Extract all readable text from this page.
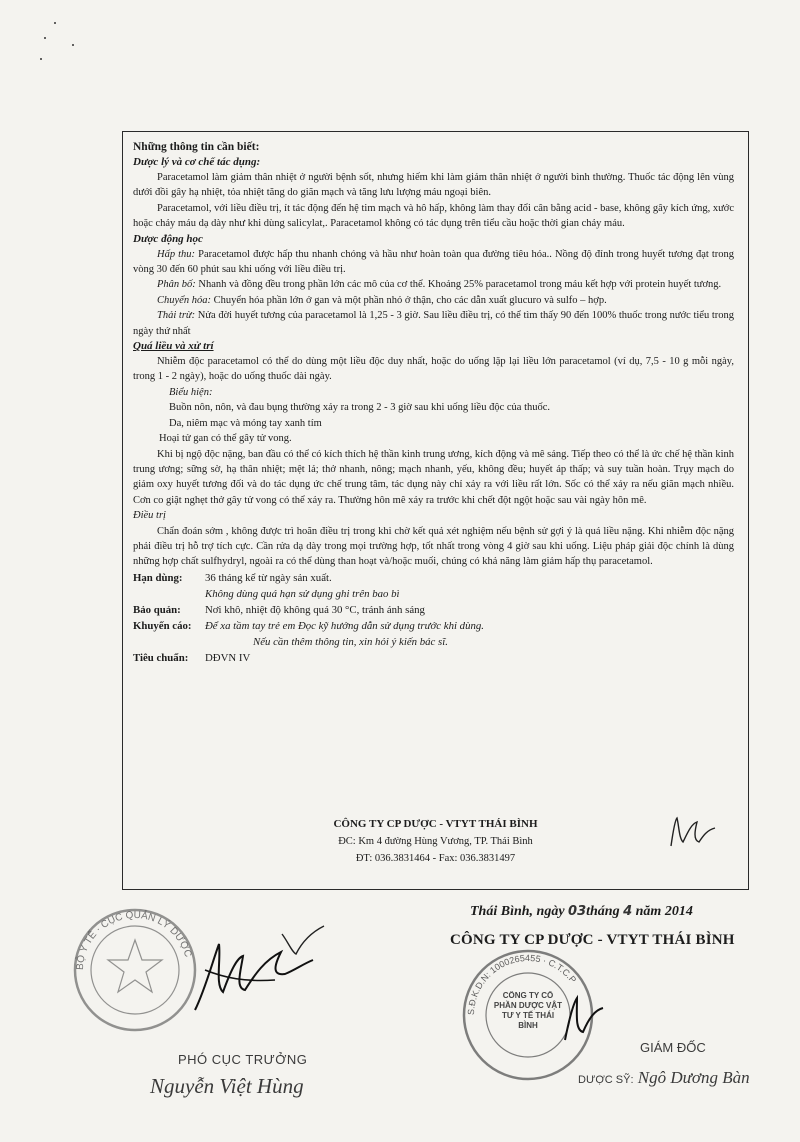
Những thông tin cần biết:
Dược lý và cơ chế tác dụng:

Paracetamol làm giảm thân nhiệt ở người bệnh sốt, nhưng hiếm khi làm giảm thân nhiệt ở người bình thường. Thuốc tác động lên vùng dưới đồi gây hạ nhiệt, tỏa nhiệt tăng do giãn mạch và tăng lưu lượng máu ngoại biên.

Paracetamol, với liều điều trị, ít tác động đến hệ tim mạch và hô hấp, không làm thay đổi cân bằng acid - base, không gây kích ứng, xước hoặc chảy máu dạ dày như khi dùng salicylat,. Paracetamol không có tác dụng trên tiểu cầu hoặc thời gian chảy máu.

Dược động học

Hấp thu: Paracetamol được hấp thu nhanh chóng và hầu như hoàn toàn qua đường tiêu hóa.. Nồng độ đỉnh trong huyết tương đạt trong vòng 30 đến 60 phút sau khi uống với liều điều trị.

Phân bố: Nhanh và đồng đều trong phần lớn các mô của cơ thể. Khoảng 25% paracetamol trong máu kết hợp với protein huyết tương.

Chuyển hóa: Chuyển hóa phần lớn ở gan và một phần nhỏ ở thận, cho các dẫn xuất glucuro và sulfo – hợp.

Thải trừ: Nửa đời huyết tương của paracetamol là 1,25 - 3 giờ. Sau liều điều trị, có thể tìm thấy 90 đến 100% thuốc trong nước tiểu trong ngày thứ nhất

Quá liều và xử trí

Nhiễm độc paracetamol có thể do dùng một liều độc duy nhất, hoặc do uống lặp lại liều lớn paracetamol (ví dụ, 7,5 - 10 g mỗi ngày, trong 1 - 2 ngày), hoặc do uống thuốc dài ngày.

Biểu hiện:

Buồn nôn, nôn, và đau bụng thường xảy ra trong 2 - 3 giờ sau khi uống liều độc của thuốc.

Da, niêm mạc và móng tay xanh tím

Hoại tử gan có thể gây tử vong.

Khi bị ngộ độc nặng, ban đầu có thể có kích thích hệ thần kinh trung ương, kích động và mê sảng. Tiếp theo có thể là ức chế hệ thần kinh trung ương; sững sờ, hạ thân nhiệt; mệt lả; thở nhanh, nông; mạch nhanh, yếu, không đều; huyết áp thấp; và suy tuần hoàn. Trụy mạch do giảm oxy huyết tương đối và do tác dụng ức chế trung tâm, tác dụng này chỉ xảy ra với liều rất lớn. Sốc có thể xảy ra nếu giãn mạch nhiều. Cơn co giật nghẹt thở gây tử vong có thể xảy ra. Thường hôn mê xảy ra trước khi chết đột ngột hoặc sau vài ngày hôn mê.

Điều trị

Chẩn đoán sớm , không được trì hoãn điều trị trong khi chờ kết quả xét nghiệm nếu bệnh sử gợi ý là quá liều nặng. Khi nhiễm độc nặng phải điều trị hỗ trợ tích cực. Cần rửa dạ dày trong mọi trường hợp, tốt nhất trong vòng 4 giờ sau khi uống. Liệu pháp giải độc chính là dùng những hợp chất sulfhydryl, ngoài ra có thể dùng than hoạt và/hoặc muối, chúng có khả năng làm giảm hấp thụ paracetamol.

Hạn dùng:	36 tháng kể từ ngày sản xuất.
Không dùng quá hạn sử dụng ghi trên bao bì
Bảo quản:	Nơi khô, nhiệt độ không quá 30 °C, tránh ánh sáng
Khuyến cáo:	Để xa tầm tay trẻ em Đọc kỹ hướng dẫn sử dụng trước khi dùng.
Nếu cần thêm thông tin, xin hỏi ý kiến bác sĩ.
Tiêu chuẩn:	DĐVN IV
CÔNG TY CP DƯỢC - VTYT THÁI BÌNH
ĐC: Km 4 đường Hùng Vương, TP. Thái Bình
ĐT: 036.3831464 - Fax: 036.3831497
Thái Bình, ngày 03tháng 4 năm 2014
CÔNG TY CP DƯỢC - VTYT THÁI BÌNH
BỘ Y TẾ · CỤC QUẢN LÝ DƯỢC
S.Đ.K.D.N: 1000265455 · C.T.C.P
CÔNG TY CỔ PHẦN DƯỢC VẬT TƯ Y TẾ THÁI BÌNH
PHÓ CỤC TRƯỞNG
Nguyễn Việt Hùng
GIÁM ĐỐC
DƯỢC SỸ: Ngô Dương Bàn
